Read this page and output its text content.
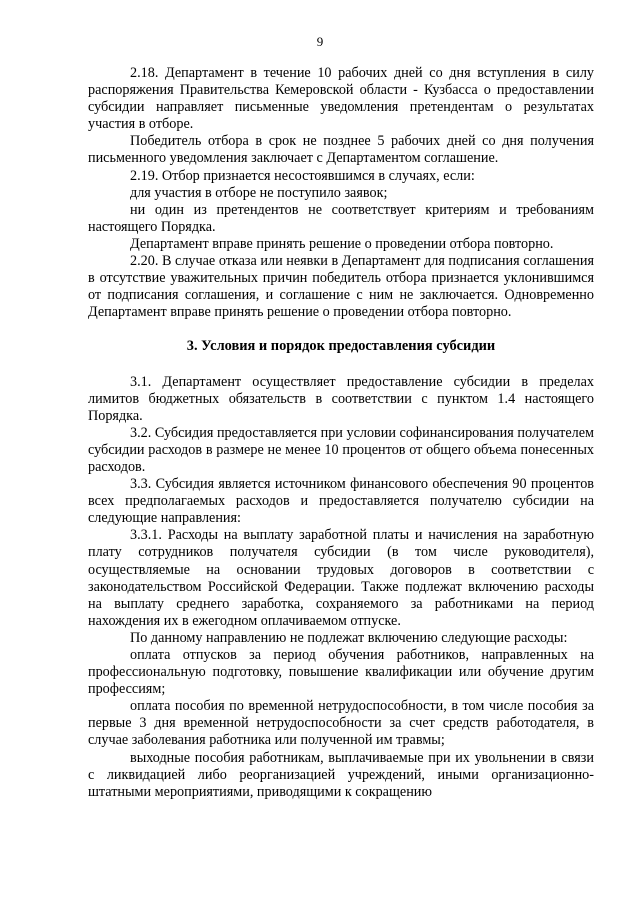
9

2.18. Департамент в течение 10 рабочих дней со дня вступления в силу распоряжения Правительства Кемеровской области - Кузбасса о предоставлении субсидии направляет письменные уведомления претендентам о результатах участия в отборе.

Победитель отбора в срок не позднее 5 рабочих дней со дня получения письменного уведомления заключает с Департаментом соглашение.

2.19. Отбор признается несостоявшимся в случаях, если:

для участия в отборе не поступило заявок;

ни один из претендентов не соответствует критериям и требованиям настоящего Порядка.

Департамент вправе принять решение о проведении отбора повторно.

2.20. В случае отказа или неявки в Департамент для подписания соглашения в отсутствие уважительных причин победитель отбора признается уклонившимся от подписания соглашения, и соглашение с ним не заключается. Одновременно Департамент вправе принять решение о проведении отбора повторно.

3. Условия и порядок предоставления субсидии

3.1. Департамент осуществляет предоставление субсидии в пределах лимитов бюджетных обязательств в соответствии с пунктом 1.4 настоящего Порядка.

3.2. Субсидия предоставляется при условии софинансирования получателем субсидии расходов в размере не менее 10 процентов от общего объема понесенных расходов.

3.3. Субсидия является источником финансового обеспечения 90 процентов всех предполагаемых расходов и предоставляется получателю субсидии на следующие направления:

3.3.1. Расходы на выплату заработной платы и начисления на заработную плату сотрудников получателя субсидии (в том числе руководителя), осуществляемые на основании трудовых договоров в соответствии с законодательством Российской Федерации. Также подлежат включению расходы на выплату среднего заработка, сохраняемого за работниками на период нахождения их в ежегодном оплачиваемом отпуске.

По данному направлению не подлежат включению следующие расходы:

оплата отпусков за период обучения работников, направленных на профессиональную подготовку, повышение квалификации или обучение другим профессиям;

оплата пособия по временной нетрудоспособности, в том числе пособия за первые 3 дня временной нетрудоспособности за счет средств работодателя, в случае заболевания работника или полученной им травмы;

выходные пособия работникам, выплачиваемые при их увольнении в связи с ликвидацией либо реорганизацией учреждений, иными организационно-штатными мероприятиями, приводящими к сокращению
